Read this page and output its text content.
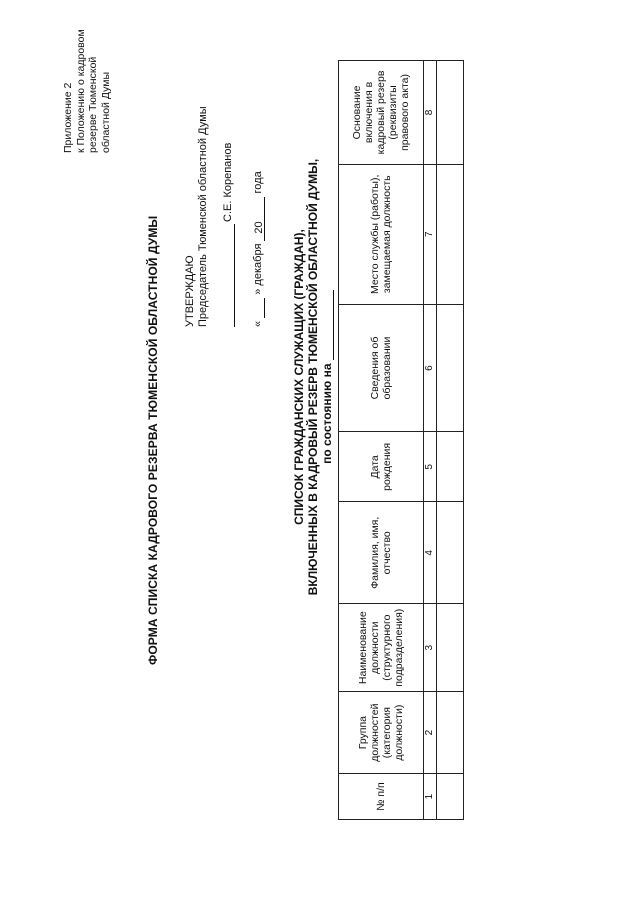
Приложение 2 к Положению о кадровом резерве Тюменской областной Думы
ФОРМА СПИСКА КАДРОВОГО РЕЗЕРВА ТЮМЕНСКОЙ ОБЛАСТНОЙ ДУМЫ УТВЕРЖДАЮ Председатель Тюменской областной Думы С.Е. Корепанов
«  » декабря 20 года
СПИСОК ГРАЖДАНСКИХ СЛУЖАЩИХ (ГРАЖДАН), ВКЛЮЧЕННЫХ В КАДРОВЫЙ РЕЗЕРВ ТЮМЕНСКОЙ ОБЛАСТНОЙ ДУМЫ, по состоянию на
№ п/п	Группа должностей (категория должности)	Наименование должности (структурного подразделения)	Фамилия, имя, отчество	Дата рождения	Сведения об образовании	Место службы (работы), замещаемая должность	Основание включения в кадровый резерв (реквизиты правового акта)
1	2	3	4	5	6	7	8
